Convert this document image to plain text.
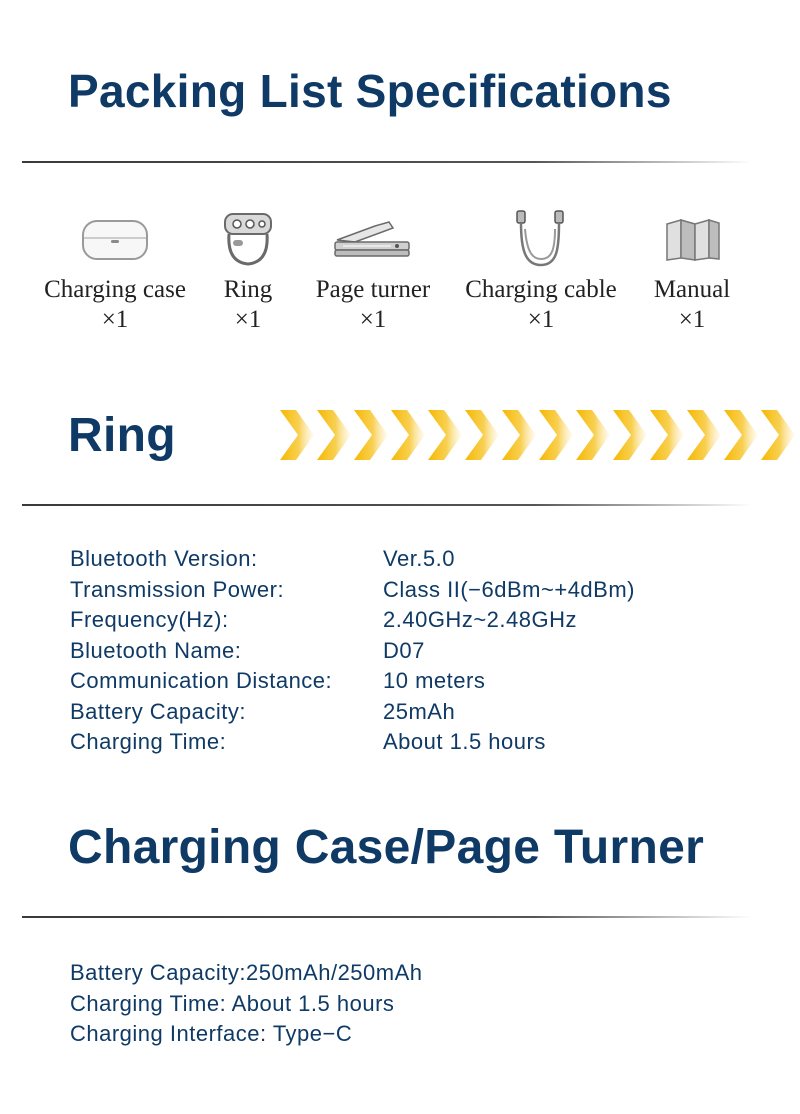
Packing List Specifications
Charging case
×1
Ring
×1
Page turner
×1
Charging cable
×1
Manual
×1
Ring
Bluetooth Version:	Ver.5.0
Transmission Power:	Class II(−6dBm~+4dBm)
Frequency(Hz):	2.40GHz~2.48GHz
Bluetooth Name:	D07
Communication Distance: 10 meters
Battery Capacity:	25mAh
Charging Time:	About 1.5 hours
Charging Case/Page Turner
Battery Capacity:250mAh/250mAh
Charging Time: About 1.5 hours
Charging Interface: Type−C
